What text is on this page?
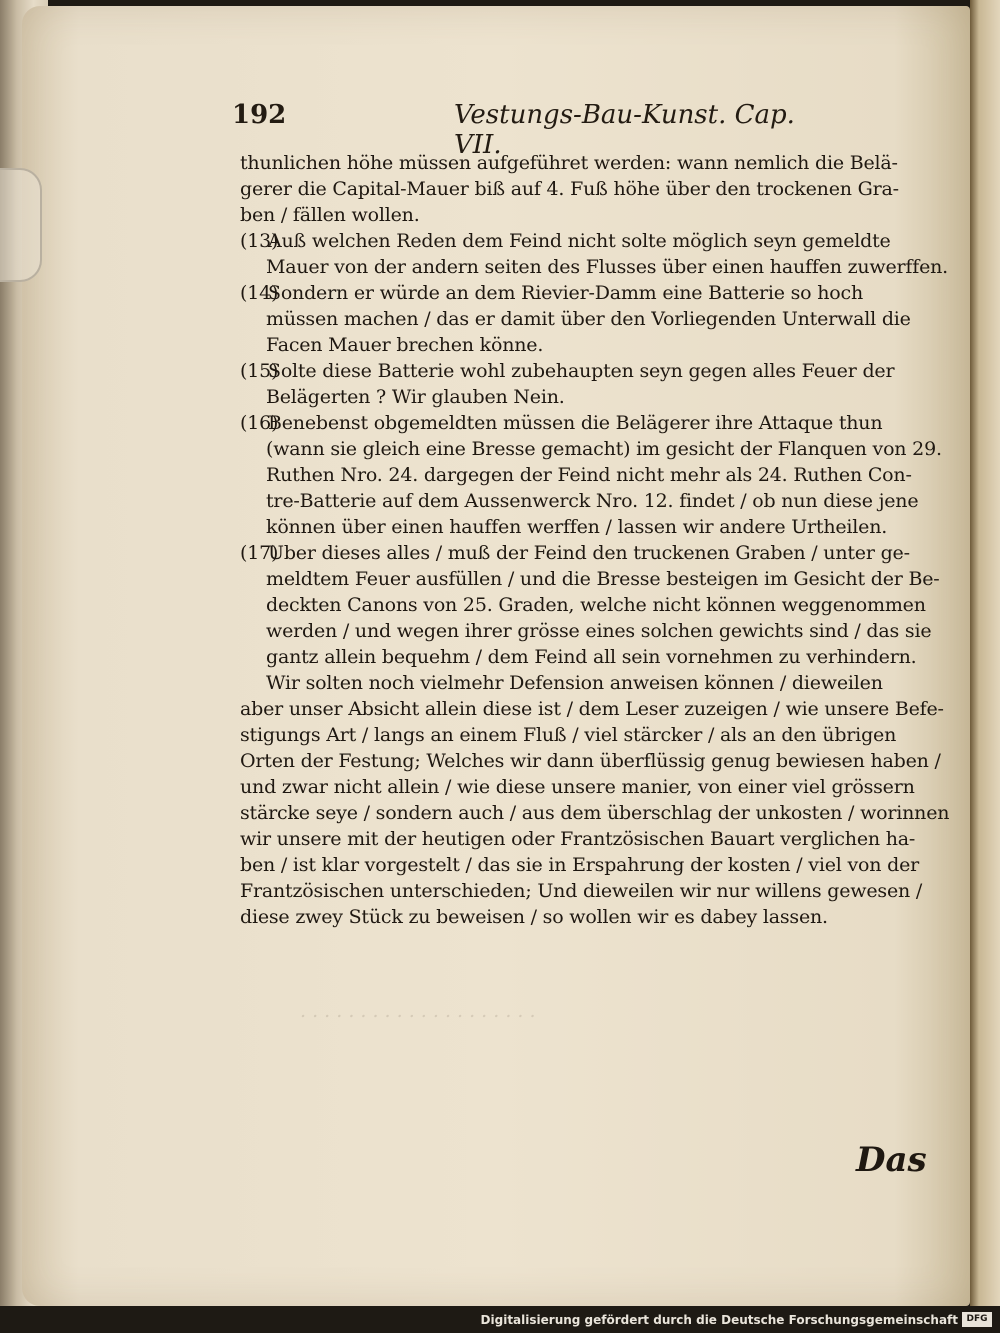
. . . . . . . . . . . . . . . . . . . .
192	Vestungs-Bau-Kunst. Cap. VII.
thunlichen höhe müssen aufgeführet werden: wann nemlich die Belä-
gerer die Capital-Mauer biß auf 4. Fuß höhe über den trockenen Gra-
ben / fällen wollen.
(13)Auß welchen Reden dem Feind nicht solte möglich seyn gemeldte
Mauer von der andern seiten des Flusses über einen hauffen zuwerffen.
(14)Sondern er würde an dem Rievier-Damm eine Batterie so hoch
müssen machen / das er damit über den Vorliegenden Unterwall die
Facen Mauer brechen könne.
(15)Solte diese Batterie wohl zubehaupten seyn gegen alles Feuer der
Belägerten ? Wir glauben Nein.
(16)Benebenst obgemeldten müssen die Belägerer ihre Attaque thun
(wann sie gleich eine Bresse gemacht) im gesicht der Flanquen von 29.
Ruthen Nro. 24. dargegen der Feind nicht mehr als 24. Ruthen Con-
tre-Batterie auf dem Aussenwerck Nro. 12. findet / ob nun diese jene
können über einen hauffen werffen / lassen wir andere Urtheilen.
(17)Uber dieses alles / muß der Feind den truckenen Graben / unter ge-
meldtem Feuer ausfüllen / und die Bresse besteigen im Gesicht der Be-
deckten Canons von 25. Graden, welche nicht können weggenommen
werden / und wegen ihrer grösse eines solchen gewichts sind / das sie
gantz allein bequehm / dem Feind all sein vornehmen zu verhindern.
Wir solten noch vielmehr Defension anweisen können / dieweilen
aber unser Absicht allein diese ist / dem Leser zuzeigen / wie unsere Befe-
stigungs Art / langs an einem Fluß / viel stärcker / als an den übrigen
Orten der Festung; Welches wir dann überflüssig genug bewiesen haben /
und zwar nicht allein / wie diese unsere manier, von einer viel grössern
stärcke seye / sondern auch / aus dem überschlag der unkosten / worinnen
wir unsere mit der heutigen oder Frantzösischen Bauart verglichen ha-
ben / ist klar vorgestelt / das sie in Erspahrung der kosten / viel von der
Frantzösischen unterschieden; Und dieweilen wir nur willens gewesen /
diese zwey Stück zu beweisen / so wollen wir es dabey lassen.
Das
Digitalisierung gefördert durch die Deutsche Forschungsgemeinschaft DFG
